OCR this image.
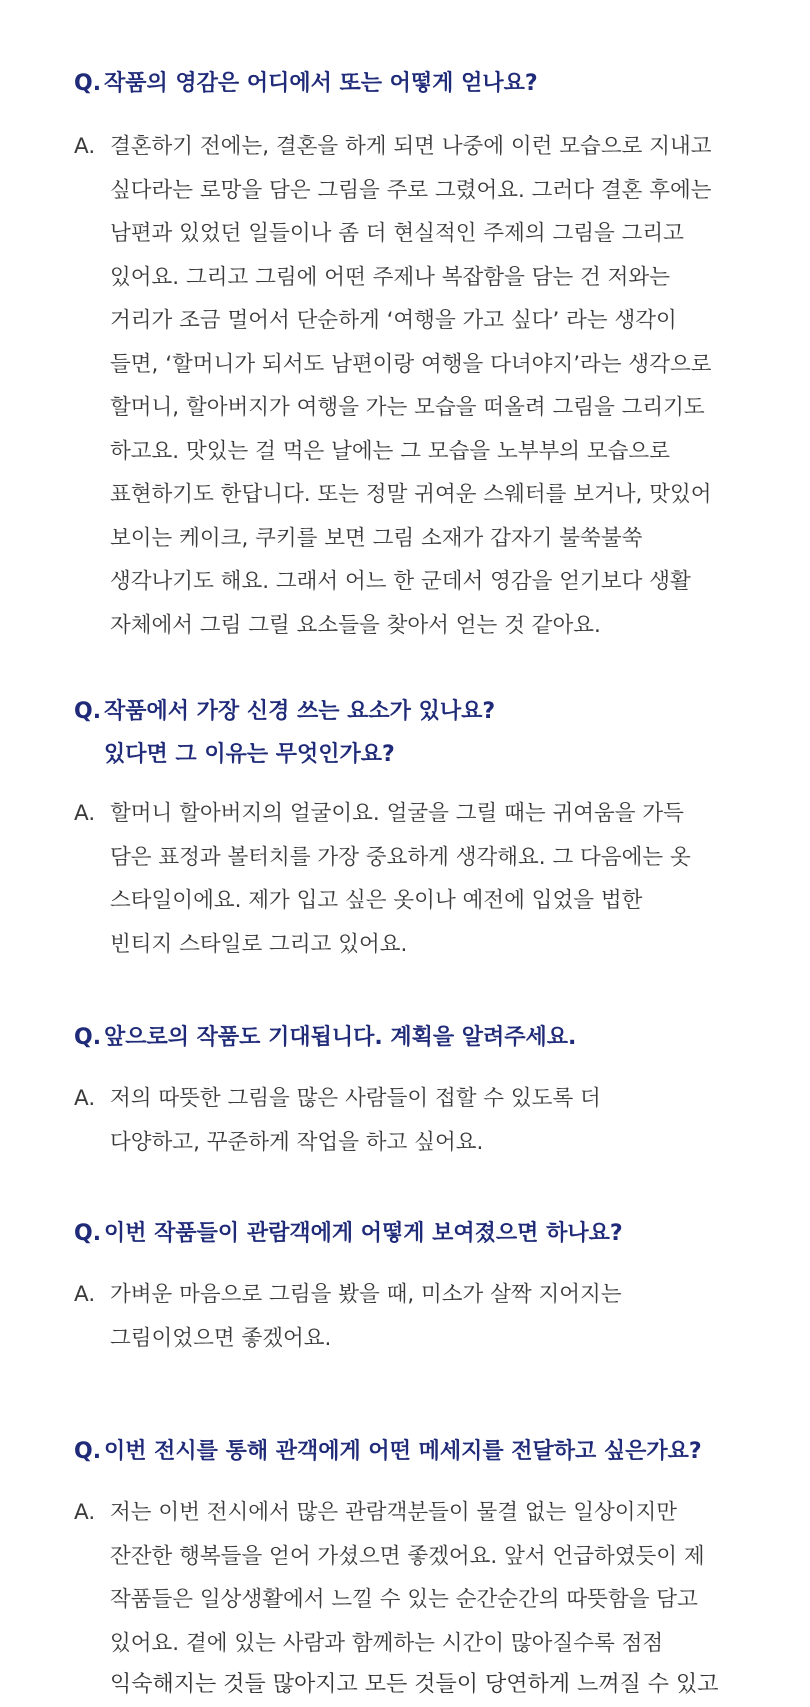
Q. 작품의 영감은 어디에서 또는 어떻게 얻나요?
A. 결혼하기 전에는, 결혼을 하게 되면 나중에 이런 모습으로 지내고
싶다라는 로망을 담은 그림을 주로 그렸어요. 그러다 결혼 후에는
남편과 있었던 일들이나 좀 더 현실적인 주제의 그림을 그리고
있어요. 그리고 그림에 어떤 주제나 복잡함을 담는 건 저와는
거리가 조금 멀어서 단순하게 ‘여행을 가고 싶다’ 라는 생각이
들면, ‘할머니가 되서도 남편이랑 여행을 다녀야지’라는 생각으로
할머니, 할아버지가 여행을 가는 모습을 떠올려 그림을 그리기도
하고요. 맛있는 걸 먹은 날에는 그 모습을 노부부의 모습으로
표현하기도 한답니다. 또는 정말 귀여운 스웨터를 보거나, 맛있어
보이는 케이크, 쿠키를 보면 그림 소재가 갑자기 불쑥불쑥
생각나기도 해요. 그래서 어느 한 군데서 영감을 얻기보다 생활
자체에서 그림 그릴 요소들을 찾아서 얻는 것 같아요.
Q. 작품에서 가장 신경 쓰는 요소가 있나요?
있다면 그 이유는 무엇인가요?
A. 할머니 할아버지의 얼굴이요. 얼굴을 그릴 때는 귀여움을 가득
담은 표정과 볼터치를 가장 중요하게 생각해요. 그 다음에는 옷
스타일이에요. 제가 입고 싶은 옷이나 예전에 입었을 법한
빈티지 스타일로 그리고 있어요.
Q. 앞으로의 작품도 기대됩니다. 계획을 알려주세요.
A. 저의 따뜻한 그림을 많은 사람들이 접할 수 있도록 더
다양하고, 꾸준하게 작업을 하고 싶어요.
Q. 이번 작품들이 관람객에게 어떻게 보여졌으면 하나요?
A. 가벼운 마음으로 그림을 봤을 때, 미소가 살짝 지어지는
그림이었으면 좋겠어요.
Q. 이번 전시를 통해 관객에게 어떤 메세지를 전달하고 싶은가요?
A. 저는 이번 전시에서 많은 관람객분들이 물결 없는 일상이지만
잔잔한 행복들을 얻어 가셨으면 좋겠어요. 앞서 언급하였듯이 제
작품들은 일상생활에서 느낄 수 있는 순간순간의 따뜻함을 담고
있어요. 곁에 있는 사람과 함께하는 시간이 많아질수록 점점
익숙해지는 것들 많아지고 모든 것들이 당연하게 느껴질 수 있고
